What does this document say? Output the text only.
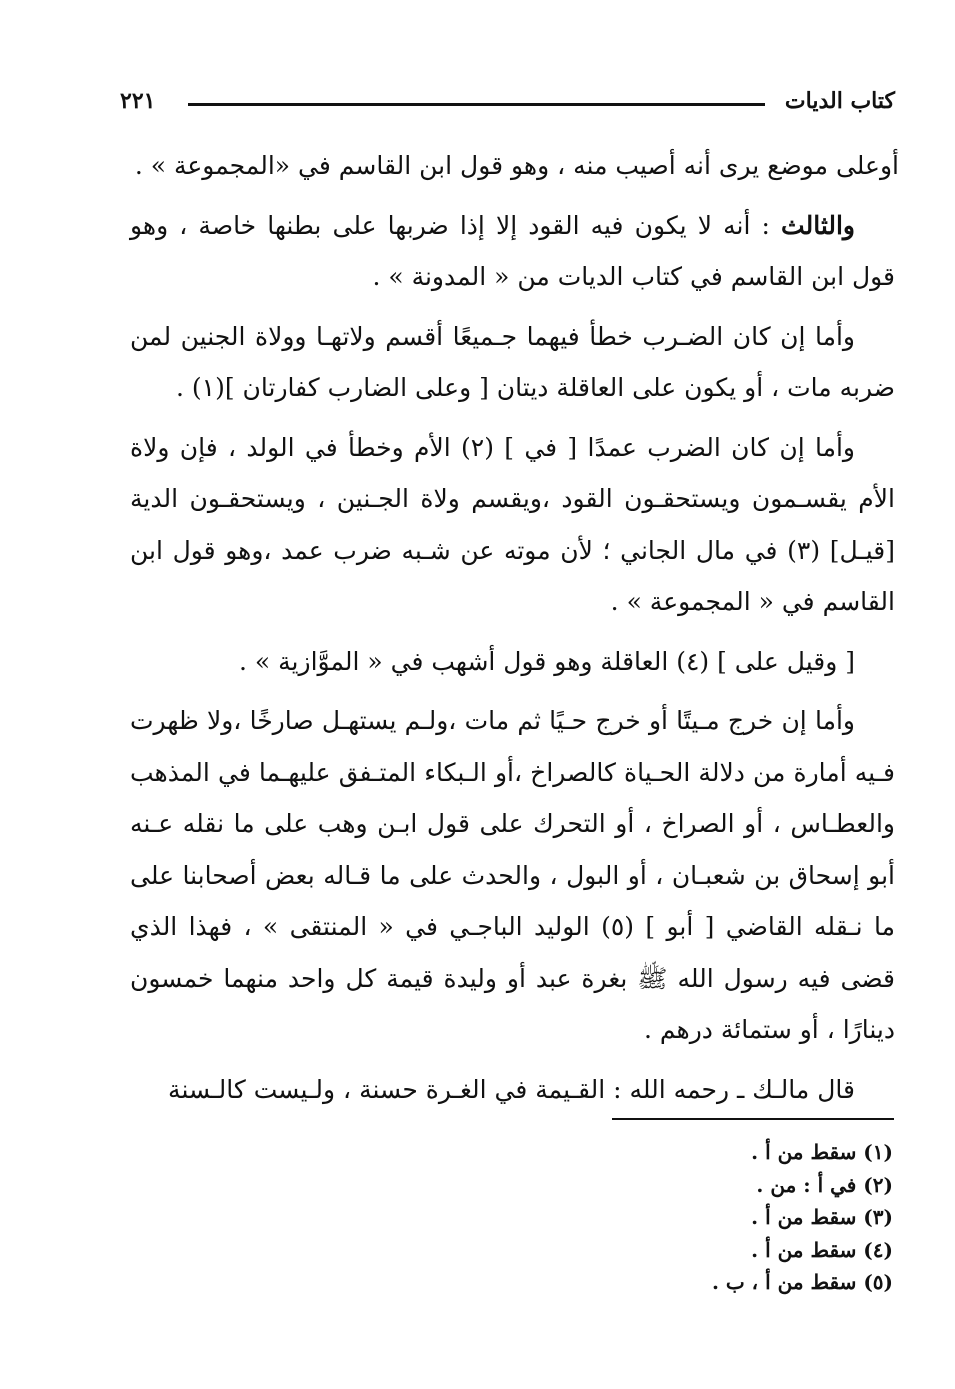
كتاب الديات
٢٢١

أوعلى موضع يرى أنه أصيب منه ، وهو قول ابن القاسم في «المجموعة » .

والثالث : أنه لا يكون فيه القود إلا إذا ضربها على بطنها خاصة ، وهو قول ابن القاسم في كتاب الديات من « المدونة » .

وأما إن كان الضـرب خطأ فيهما جـميعًا أقسم ولاتهـا وولاة الجنين لمن ضربه مات ، أو يكون على العاقلة ديتان [ وعلى الضارب كفارتان ](١) .

وأما إن كان الضرب عمدًا [ في ] (٢) الأم وخطأ في الولد ، فإن ولاة الأم يقسـمون ويستحقـون القود ،ويقسم ولاة الجـنين ، ويستحقـون الدية [قيـل] (٣) في مال الجاني ؛ لأن موته عن شـبه ضرب عمد ،وهو قول ابن القاسم في « المجموعة » .

[ وقيل على ] (٤) العاقلة وهو قول أشهب في « الموَّازية » .

وأما إن خرج مـيتًا أو خرج حـيًا ثم مات ،ولـم يستهـل صارخًا ،ولا ظهرت فـيه أمارة من دلالة الحـياة كالصراخ ،أو الـبكاء المتـفق عليهـما في المذهب والعطـاس ، أو الصراخ ، أو التحرك على قول ابـن وهب على ما نقله عـنه أبو إسحاق بن شعبـان ، أو البول ، والحدث على ما قـاله بعض أصحابنا على ما نـقله القاضي [ أبو ] (٥) الوليد الباجـي في « المنتقى » ، فهذا الذي قضى فيه رسول الله ﷺ بغرة عبد أو وليدة قيمة كل واحد منهما خمسون دينارًا ، أو ستمائة درهم .

قال مالـك ـ رحمه الله : القـيمة في الغـرة حسنة ، ولـيست كالـسنة

(١) سقط من أ .

(٢) في أ : من .

(٣) سقط من أ .

(٤) سقط من أ .

(٥) سقط من أ ، ب .
